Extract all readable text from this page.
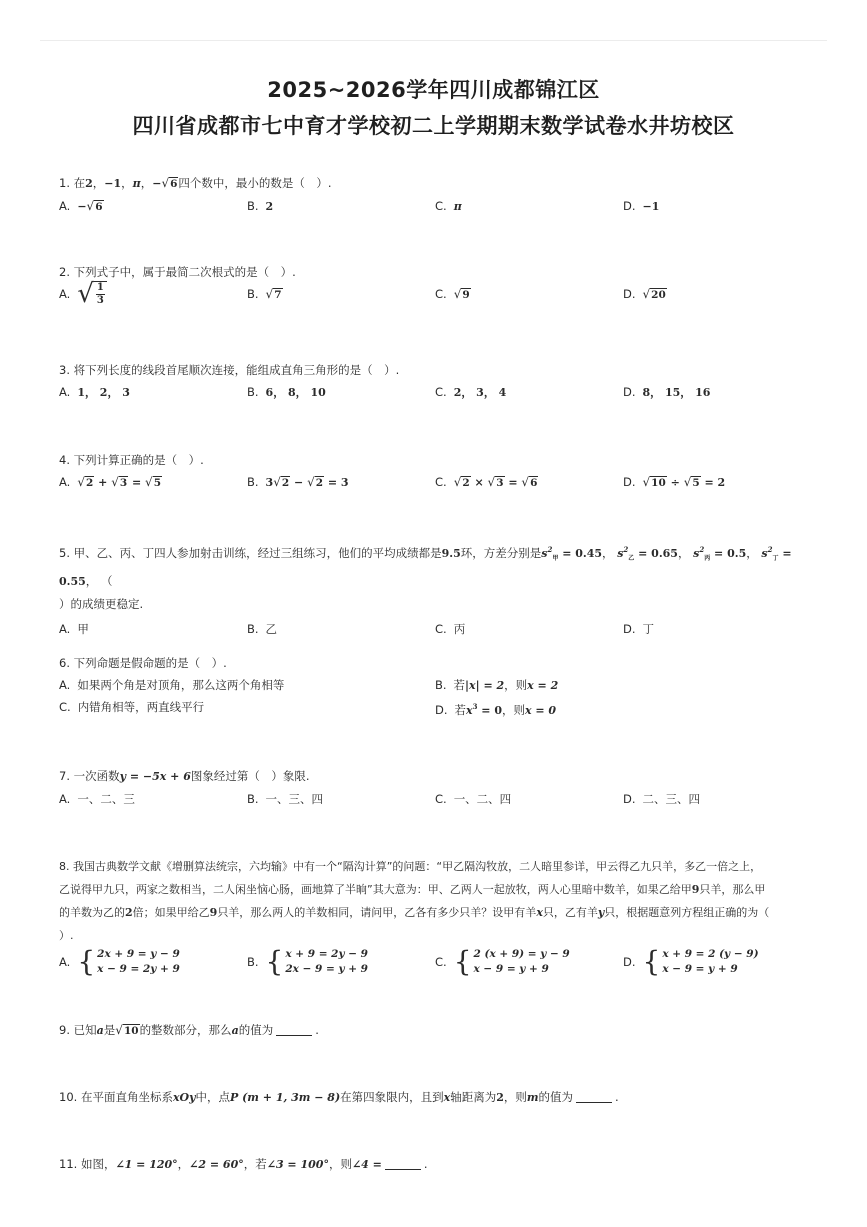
2025~2026学年四川成都锦江区
四川省成都市七中育才学校初二上学期期末数学试卷水井坊校区
1. 在2，−1，π，−√6四个数中，最小的数是（　）.
A. −√6	B. 2	C. π	D. −1
2. 下列式子中，属于最简二次根式的是（　）.
A. √ $\frac{1}{3}$	B. √7	C. √9	D. √20
3. 将下列长度的线段首尾顺次连接，能组成直角三角形的是（　）.
A. 1， 2， 3	B. 6， 8， 10	C. 2， 3， 4	D. 8， 15， 16
4. 下列计算正确的是（　）.
A. √2 + √3 = √5	B. 3√2 − √2 = 3	C. √2 × √3 = √6	D. √10 ÷ √5 = 2
5. 甲、乙、丙、丁四人参加射击训练，经过三组练习，他们的平均成绩都是9.5环，方差分别是$s^2_甲 = 0.45$， $s^2_乙 = 0.65$， $s^2_丙 = 0.5$， $s^2_丁 = 0.55$， （
）的成绩更稳定.
A. 甲	B. 乙	C. 丙	D. 丁
6. 下列命题是假命题的是（　）.
A. 如果两个角是对顶角，那么这两个角相等	B. 若|x| = 2，则x = 2
C. 内错角相等，两直线平行	D. 若$x^3 = 0$，则x = 0
7. 一次函数y = −5x + 6图象经过第（　）象限.
A. 一、二、三	B. 一、三、四	C. 一、二、四	D. 二、三、四
8. 我国古典数学文献《增删算法统宗，六均输》中有一个“隔沟计算”的问题：“甲乙隔沟牧放，二人暗里参详，甲云得乙九只羊，多乙一倍之上，
乙说得甲九只，两家之数相当，二人闲坐恼心肠，画地算了半晌”其大意为：甲、乙两人一起放牧，两人心里暗中数羊，如果乙给甲9只羊，那么甲
的羊数为乙的2倍；如果甲给乙9只羊，那么两人的羊数相同，请问甲，乙各有多少只羊？设甲有羊x只，乙有羊y只，根据题意列方程组正确的为（
）.
A. { 2x + 9 = y − 9
x − 9 = 2y + 9
B. { x + 9 = 2y − 9
2x − 9 = y + 9
C. { 2 (x + 9) = y − 9
x − 9 = y + 9
D. { x + 9 = 2 (y − 9)
x − 9 = y + 9
9. 已知a是√10的整数部分，那么a的值为	.
10. 在平面直角坐标系xOy中，点P (m + 1, 3m − 8)在第四象限内，且到x轴距离为2，则m的值为	.
11. 如图，∠1 = 120°，∠2 = 60°，若∠3 = 100°，则∠4 =	.
